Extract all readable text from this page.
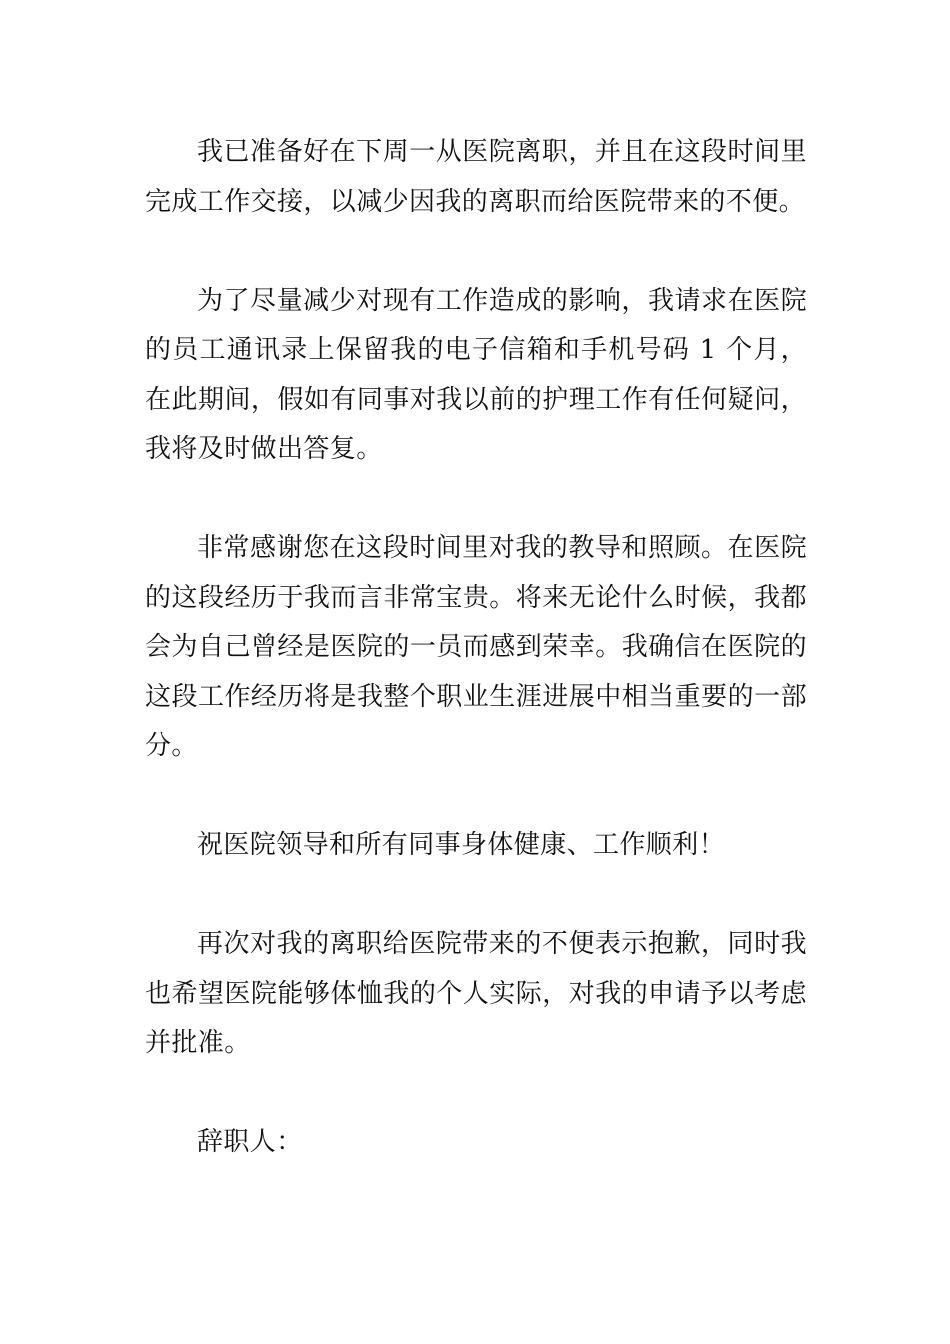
我已准备好在下周一从医院离职，并且在这段时间里完成工作交接，以减少因我的离职而给医院带来的不便。

为了尽量减少对现有工作造成的影响，我请求在医院的员工通讯录上保留我的电子信箱和手机号码 1 个月，在此期间，假如有同事对我以前的护理工作有任何疑问，我将及时做出答复。

非常感谢您在这段时间里对我的教导和照顾。在医院的这段经历于我而言非常宝贵。将来无论什么时候，我都会为自己曾经是医院的一员而感到荣幸。我确信在医院的这段工作经历将是我整个职业生涯进展中相当重要的一部分。

祝医院领导和所有同事身体健康、工作顺利！

再次对我的离职给医院带来的不便表示抱歉，同时我也希望医院能够体恤我的个人实际，对我的申请予以考虑并批准。

辞职人：
